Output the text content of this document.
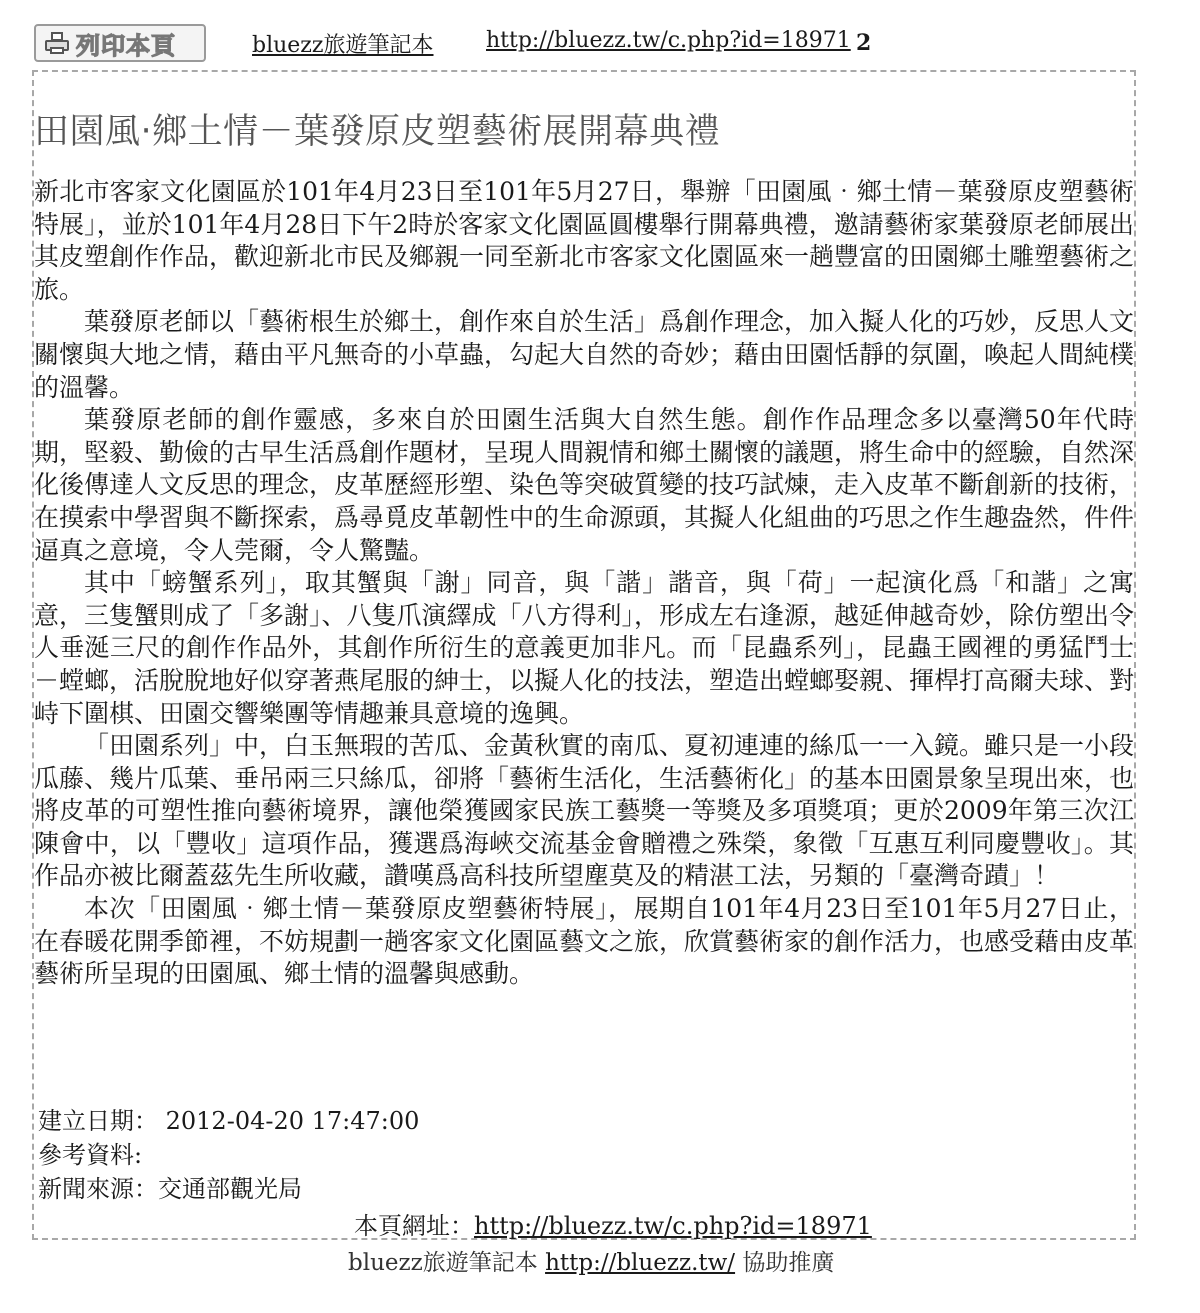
列印本頁	bluezz旅遊筆記本 http://bluezz.tw/c.php?id=18971 2
田園風‧鄉土情－葉發原皮塑藝術展開幕典禮

新北市客家文化園區於101年4月23日至101年5月27日，舉辦「田園風‧鄉土情－葉發原皮塑藝術特展」，並於101年4月28日下午2時於客家文化園區圓樓舉行開幕典禮，邀請藝術家葉發原老師展出其皮塑創作作品，歡迎新北市民及鄉親一同至新北市客家文化園區來一趟豐富的田園鄉土雕塑藝術之旅。

葉發原老師以「藝術根生於鄉土，創作來自於生活」爲創作理念，加入擬人化的巧妙，反思人文關懷與大地之情，藉由平凡無奇的小草蟲，勾起大自然的奇妙；藉由田園恬靜的氛圍，喚起人間純樸的溫馨。

葉發原老師的創作靈感，多來自於田園生活與大自然生態。創作作品理念多以臺灣50年代時期，堅毅、勤儉的古早生活爲創作題材，呈現人間親情和鄉土關懷的議題，將生命中的經驗，自然深化後傳達人文反思的理念，皮革歷經形塑、染色等突破質變的技巧試煉，走入皮革不斷創新的技術，在摸索中學習與不斷探索，爲尋覓皮革韌性中的生命源頭，其擬人化組曲的巧思之作生趣盎然，件件逼真之意境，令人莞爾，令人驚豔。

其中「螃蟹系列」，取其蟹與「謝」同音，與「諧」諧音，與「荷」一起演化爲「和諧」之寓意，三隻蟹則成了「多謝」、八隻爪演繹成「八方得利」，形成左右逢源，越延伸越奇妙，除仿塑出令人垂涎三尺的創作作品外，其創作所衍生的意義更加非凡。而「昆蟲系列」，昆蟲王國裡的勇猛鬥士－螳螂，活脫脫地好似穿著燕尾服的紳士，以擬人化的技法，塑造出螳螂娶親、揮桿打高爾夫球、對峙下圍棋、田園交響樂團等情趣兼具意境的逸興。

「田園系列」中，白玉無瑕的苦瓜、金黃秋實的南瓜、夏初連連的絲瓜一一入鏡。雖只是一小段瓜藤、幾片瓜葉、垂吊兩三只絲瓜，卻將「藝術生活化，生活藝術化」的基本田園景象呈現出來，也將皮革的可塑性推向藝術境界，讓他榮獲國家民族工藝獎一等獎及多項獎項；更於2009年第三次江陳會中，以「豐收」這項作品，獲選爲海峽交流基金會贈禮之殊榮，象徵「互惠互利同慶豐收」。其作品亦被比爾蓋茲先生所收藏，讚嘆爲高科技所望塵莫及的精湛工法，另類的「臺灣奇蹟」！

本次「田園風‧鄉土情－葉發原皮塑藝術特展」，展期自101年4月23日至101年5月27日止，在春暖花開季節裡，不妨規劃一趟客家文化園區藝文之旅，欣賞藝術家的創作活力，也感受藉由皮革藝術所呈現的田園風、鄉土情的溫馨與感動。

建立日期： 2012-04-20 17:47:00
參考資料:
新聞來源：交通部觀光局
本頁網址：http://bluezz.tw/c.php?id=18971
bluezz旅遊筆記本 http://bluezz.tw/ 協助推廣
